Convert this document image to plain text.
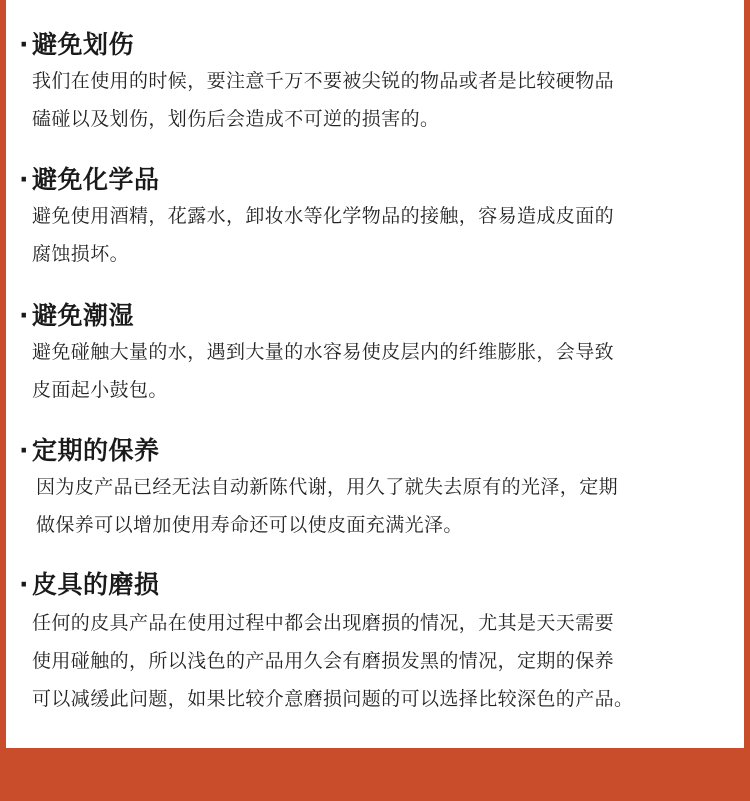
· 避免划伤
我们在使用的时候，要注意千万不要被尖锐的物品或者是比较硬物品
磕碰以及划伤，划伤后会造成不可逆的损害的。
· 避免化学品
避免使用酒精，花露水，卸妆水等化学物品的接触，容易造成皮面的
腐蚀损坏。
· 避免潮湿
避免碰触大量的水，遇到大量的水容易使皮层内的纤维膨胀，会导致
皮面起小鼓包。
· 定期的保养
因为皮产品已经无法自动新陈代谢，用久了就失去原有的光泽，定期
做保养可以增加使用寿命还可以使皮面充满光泽。
· 皮具的磨损
任何的皮具产品在使用过程中都会出现磨损的情况，尤其是天天需要
使用碰触的，所以浅色的产品用久会有磨损发黑的情况，定期的保养
可以减缓此问题，如果比较介意磨损问题的可以选择比较深色的产品。
